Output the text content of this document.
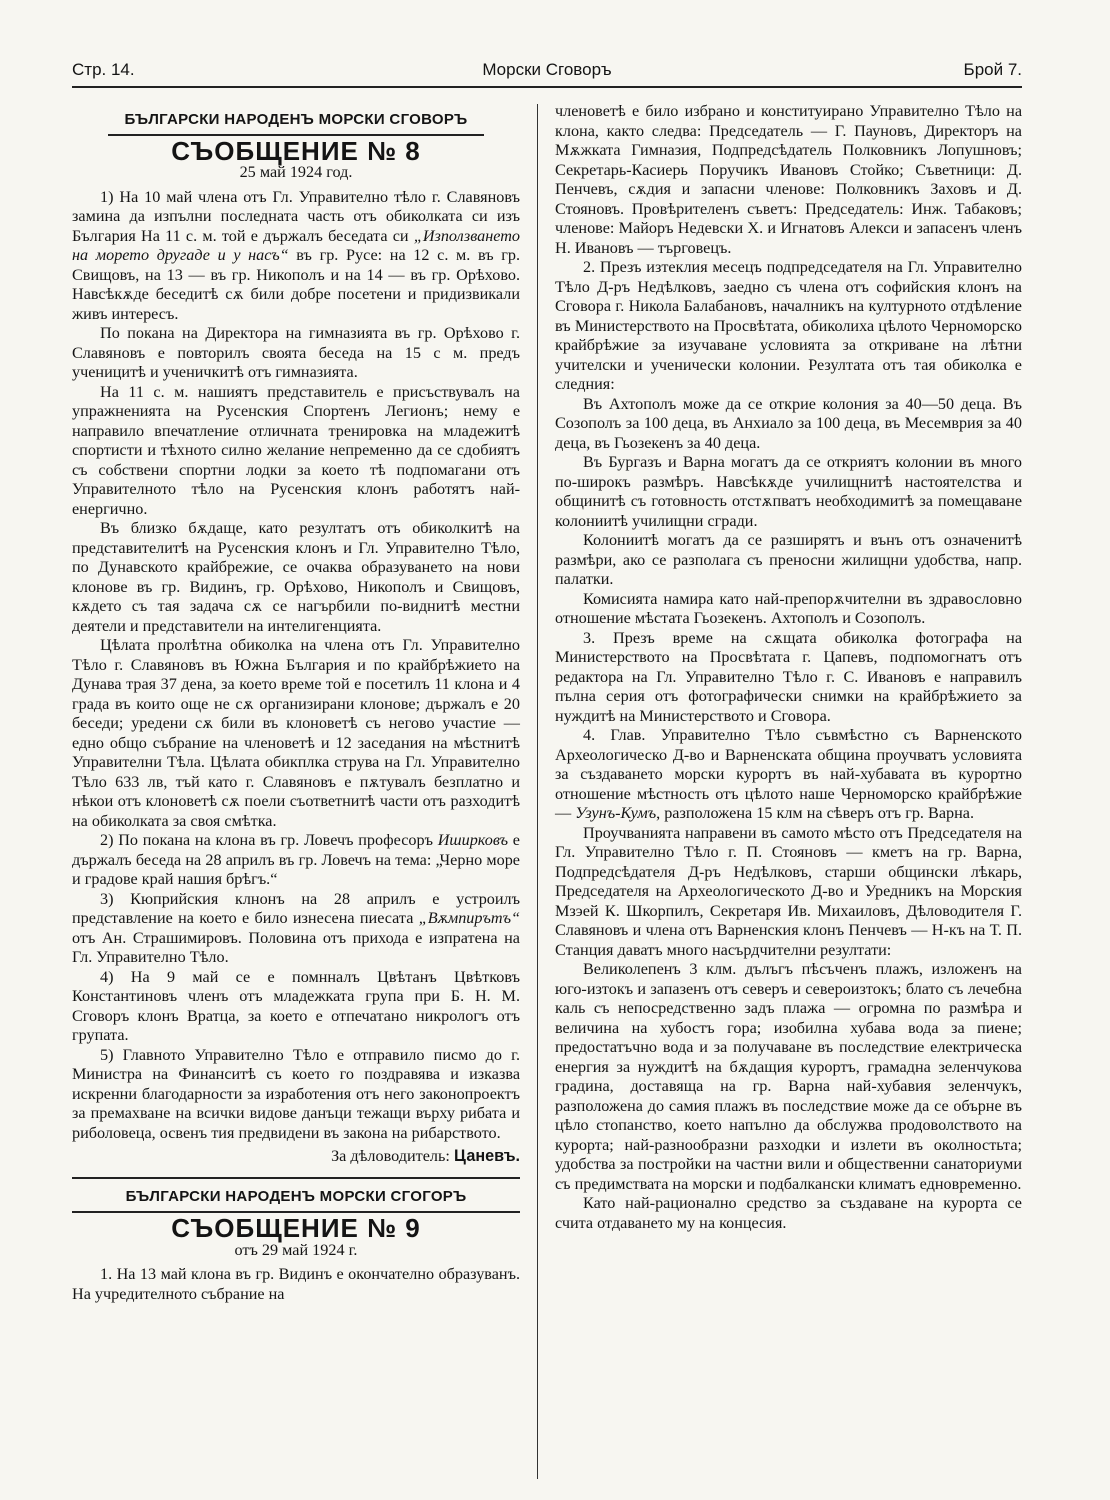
Стр. 14.	Морски Сговоръ	Брой 7.
БЪЛГАРСКИ НАРОДЕНЪ МОРСКИ СГОВОРЪ
СЪОБЩЕНИЕ № 8
25 май 1924 год.

1) На 10 май члена отъ Гл. Управително тѣло г. Славяновъ замина да изпълни последната часть отъ обиколката си изъ България На 11 с. м. той е държалъ беседата си „Използването на морето другаде и у насъ“ въ гр. Русе: на 12 с. м. въ гр. Свищовъ, на 13 — въ гр. Никополъ и на 14 — въ гр. Орѣхово. Навсѣкѫде беседитѣ сѫ били добре посетени и придизвикали живъ интересъ.

По покана на Директора на гимназията въ гр. Орѣхово г. Славяновъ е повторилъ своята беседа на 15 с м. предъ ученицитѣ и ученичкитѣ отъ гимназията.

На 11 с. м. нашиятъ представитель е присъствувалъ на упражненията на Русенския Спортенъ Легионъ; нему е направило впечатление отличната тренировка на младежитѣ спортисти и тѣхното силно желание непременно да се сдобиятъ съ собствени спортни лодки за което тѣ подпомагани отъ Управителното тѣло на Русенския клонъ работятъ най-енергично.

Въ близко бѫдаще, като резултатъ отъ обиколкитѣ на представителитѣ на Русенския клонъ и Гл. Управително Тѣло, по Дунавското крайбрежие, се очаква образуването на нови клонове въ гр. Видинъ, гр. Орѣхово, Никополъ и Свищовъ, кѫдето съ тая задача сѫ се нагърбили по-виднитѣ местни деятели и представители на интелигенцията.

Цѣлата пролѣтна обиколка на члена отъ Гл. Управително Тѣло г. Славяновъ въ Южна България и по крайбрѣжието на Дунава трая 37 дена, за което време той е посетилъ 11 клона и 4 града въ които още не сѫ организирани клонове; държалъ е 20 беседи; уредени сѫ били въ клоноветѣ съ негово участие — едно общо събрание на членоветѣ и 12 заседания на мѣстнитѣ Управителни Тѣла. Цѣлата обикплка струва на Гл. Управително Тѣло 633 лв, тъй като г. Славяновъ е пѫтувалъ безплатно и нѣкои отъ клоноветѣ сѫ поели съответнитѣ части отъ разходитѣ на обиколката за своя смѣтка.

2) По покана на клона въ гр. Ловечъ професоръ Иширковъ е държалъ беседа на 28 априлъ въ гр. Ловечъ на тема: „Черно море и градове край нашия брѣгъ.“

3) Кюприйския клнонъ на 28 априлъ е устроилъ представление на което е било изнесена пиесата „Вѫмпирътъ“ отъ Ан. Страшимировъ. Половина отъ прихода е изпратена на Гл. Управително Тѣло.

4) На 9 май се е помнналъ Цвѣтанъ Цвѣтковъ Константиновъ членъ отъ младежката група при Б. Н. М. Сговоръ клонъ Вратца, за което е отпечатано никрологъ отъ групата.

5) Главното Управително Тѣло е отправило писмо до г. Министра на Финанситѣ съ което го поздравява и изказва искренни благодарности за изработения отъ него законопроектъ за премахване на всички видове данъци тежащи върху рибата и риболовеца, освенъ тия предвидени въ закона на рибарството.

За дѣловодитель: Цаневъ.
БЪЛГАРСКИ НАРОДЕНЪ МОРСКИ СГОГОРЪ
СЪОБЩЕНИЕ № 9
отъ 29 май 1924 г.

1. На 13 май клона въ гр. Видинъ е окончателно образуванъ. На учредителното събрание на

членоветѣ е било избрано и конституирано Управително Тѣло на клона, както следва: Председатель — Г. Пауновъ, Директоръ на Мѫжката Гимназия, Подпредсѣдатель Полковникъ Лопушновъ; Секретарь-Касиерь Поручикъ Ивановъ Стойко; Съветници: Д. Пенчевъ, сѫдия и запасни членове: Полковникъ Заховъ и Д. Стояновъ. Провѣрителенъ съветъ: Председатель: Инж. Табаковъ; членове: Майоръ Недевски Х. и Игнатовъ Алекси и запасенъ членъ Н. Ивановъ — търговецъ.

2. Презъ изтеклия месецъ подпредседателя на Гл. Управително Тѣло Д-ръ Недѣлковъ, заедно съ члена отъ софийския клонъ на Сговора г. Никола Балабановъ, началникъ на културното отдѣление въ Министерството на Просвѣтата, обиколиха цѣлото Черноморско крайбрѣжие за изучаване условията за откриване на лѣтни учителски и ученически колонии. Резултата отъ тая обиколка е следния:

Въ Ахтополъ може да се открие колония за 40—50 деца. Въ Созополъ за 100 деца, въ Анхиало за 100 деца, въ Месемврия за 40 деца, въ Гьозекенъ за 40 деца.

Въ Бургазъ и Варна могатъ да се откриятъ колонии въ много по-широкъ размѣръ. Навсѣкѫде училищнитѣ настоятелства и общинитѣ съ готовность отстѫпватъ необходимитѣ за помещаване колониитѣ училищни сгради.

Колониитѣ могатъ да се разширятъ и вънъ отъ означенитѣ размѣри, ако се разполага съ преносни жилищни удобства, напр. палатки.

Комисията намира като най-препорѫчителни въ здравословно отношение мѣстата Гьозекенъ. Ахтополъ и Созополъ.

3. Презъ време на сѫщата обиколка фотографа на Министерството на Просвѣтата г. Цапевъ, подпомогнатъ отъ редактора на Гл. Управително Тѣло г. С. Ивановъ е направилъ пълна серия отъ фотографически снимки на крайбрѣжието за нуждитѣ на Министерството и Сговора.

4. Глав. Управително Тѣло съвмѣстно съ Варненското Археологическо Д-во и Варненската община проучватъ условията за създаването морски курортъ въ най-хубавата въ курортно отношение мѣстность отъ цѣлото наше Черноморско крайбрѣжие — Узунъ-Кумъ, разположена 15 клм на сѣверъ отъ гр. Варна.

Проучванията направени въ самото мѣсто отъ Председателя на Гл. Управително Тѣло г. П. Стояновъ — кметъ на гр. Варна, Подпредсѣдателя Д-ръ Недѣлковъ, старши общински лѣкарь, Председателя на Археологическото Д-во и Уредникъ на Морския Мзэей К. Шкорпилъ, Секретаря Ив. Михаиловъ, Дѣловодителя Г. Славяновъ и члена отъ Варненския клонъ Пенчевъ — Н-къ на Т. П. Станция даватъ много насърдчителни резултати:

Великолепенъ 3 клм. дълъгъ пѣсъченъ плажъ, изложенъ на юго-изтокъ и запазенъ отъ северъ и североизтокъ; блато съ лечебна каль съ непосредственно задъ плажа — огромна по размѣра и величина на хубостъ гора; изобилна хубава вода за пиене; предостатъчно вода и за получаване въ последствие електрическа енергия за нуждитѣ на бѫдащия курортъ, грамадна зеленчукова градина, доставяща на гр. Варна най-хубавия зеленчукъ, разположена до самия плажъ въ последствие може да се обърне въ цѣло стопанство, което напълно да обслужва продоволството на курорта; най-разнообразни разходки и излети въ околностьта; удобства за постройки на частни вили и общественни санаториуми съ предимствата на морски и подбалкански климатъ едновременно.

Като най-рационално средство за създаване на курорта се счита отдаването му на концесия.
